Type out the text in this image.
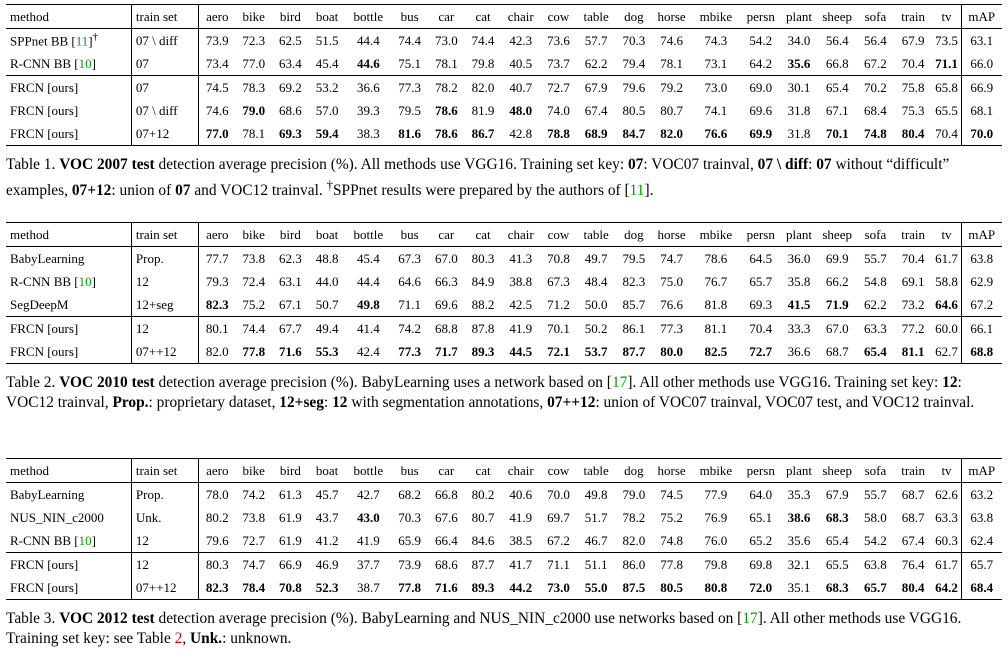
method	train set	aero	bike	bird	boat	bottle	bus	car	cat	chair	cow	table	dog	horse	mbike	persn	plant	sheep	sofa	train	tv	mAP
SPPnet BB [11]†	07 \ diff	73.9	72.3	62.5	51.5	44.4	74.4	73.0	74.4	42.3	73.6	57.7	70.3	74.6	74.3	54.2	34.0	56.4	56.4	67.9	73.5	63.1
R-CNN BB [10]	07	73.4	77.0	63.4	45.4	44.6	75.1	78.1	79.8	40.5	73.7	62.2	79.4	78.1	73.1	64.2	35.6	66.8	67.2	70.4	71.1	66.0
FRCN [ours]	07	74.5	78.3	69.2	53.2	36.6	77.3	78.2	82.0	40.7	72.7	67.9	79.6	79.2	73.0	69.0	30.1	65.4	70.2	75.8	65.8	66.9
FRCN [ours]	07 \ diff	74.6	79.0	68.6	57.0	39.3	79.5	78.6	81.9	48.0	74.0	67.4	80.5	80.7	74.1	69.6	31.8	67.1	68.4	75.3	65.5	68.1
FRCN [ours]	07+12	77.0	78.1	69.3	59.4	38.3	81.6	78.6	86.7	42.8	78.8	68.9	84.7	82.0	76.6	69.9	31.8	70.1	74.8	80.4	70.4	70.0
Table 1. VOC 2007 test detection average precision (%). All methods use VGG16. Training set key: 07: VOC07 trainval, 07 \ diff: 07 without “difficult” examples, 07+12: union of 07 and VOC12 trainval. †SPPnet results were prepared by the authors of [11].
method	train set	aero	bike	bird	boat	bottle	bus	car	cat	chair	cow	table	dog	horse	mbike	persn	plant	sheep	sofa	train	tv	mAP
BabyLearning	Prop.	77.7	73.8	62.3	48.8	45.4	67.3	67.0	80.3	41.3	70.8	49.7	79.5	74.7	78.6	64.5	36.0	69.9	55.7	70.4	61.7	63.8
R-CNN BB [10]	12	79.3	72.4	63.1	44.0	44.4	64.6	66.3	84.9	38.8	67.3	48.4	82.3	75.0	76.7	65.7	35.8	66.2	54.8	69.1	58.8	62.9
SegDeepM	12+seg	82.3	75.2	67.1	50.7	49.8	71.1	69.6	88.2	42.5	71.2	50.0	85.7	76.6	81.8	69.3	41.5	71.9	62.2	73.2	64.6	67.2
FRCN [ours]	12	80.1	74.4	67.7	49.4	41.4	74.2	68.8	87.8	41.9	70.1	50.2	86.1	77.3	81.1	70.4	33.3	67.0	63.3	77.2	60.0	66.1
FRCN [ours]	07++12	82.0	77.8	71.6	55.3	42.4	77.3	71.7	89.3	44.5	72.1	53.7	87.7	80.0	82.5	72.7	36.6	68.7	65.4	81.1	62.7	68.8
Table 2. VOC 2010 test detection average precision (%). BabyLearning uses a network based on [17]. All other methods use VGG16. Training set key: 12: VOC12 trainval, Prop.: proprietary dataset, 12+seg: 12 with segmentation annotations, 07++12: union of VOC07 trainval, VOC07 test, and VOC12 trainval.
method	train set	aero	bike	bird	boat	bottle	bus	car	cat	chair	cow	table	dog	horse	mbike	persn	plant	sheep	sofa	train	tv	mAP
BabyLearning	Prop.	78.0	74.2	61.3	45.7	42.7	68.2	66.8	80.2	40.6	70.0	49.8	79.0	74.5	77.9	64.0	35.3	67.9	55.7	68.7	62.6	63.2
NUS_NIN_c2000	Unk.	80.2	73.8	61.9	43.7	43.0	70.3	67.6	80.7	41.9	69.7	51.7	78.2	75.2	76.9	65.1	38.6	68.3	58.0	68.7	63.3	63.8
R-CNN BB [10]	12	79.6	72.7	61.9	41.2	41.9	65.9	66.4	84.6	38.5	67.2	46.7	82.0	74.8	76.0	65.2	35.6	65.4	54.2	67.4	60.3	62.4
FRCN [ours]	12	80.3	74.7	66.9	46.9	37.7	73.9	68.6	87.7	41.7	71.1	51.1	86.0	77.8	79.8	69.8	32.1	65.5	63.8	76.4	61.7	65.7
FRCN [ours]	07++12	82.3	78.4	70.8	52.3	38.7	77.8	71.6	89.3	44.2	73.0	55.0	87.5	80.5	80.8	72.0	35.1	68.3	65.7	80.4	64.2	68.4
Table 3. VOC 2012 test detection average precision (%). BabyLearning and NUS_NIN_c2000 use networks based on [17]. All other methods use VGG16. Training set key: see Table 2, Unk.: unknown.
